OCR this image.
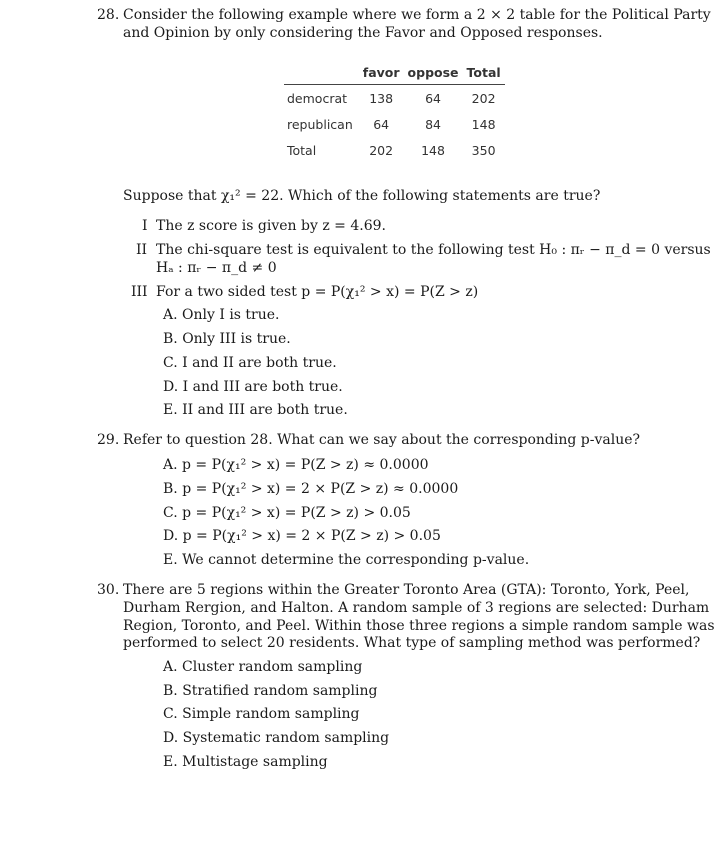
28. Consider the following example where we form a 2 × 2 table for the Political Party
and Opinion by only considering the Favor and Opposed responses.
	favor	oppose	Total
democrat	138	64	202
republican	64	84	148
Total	202	148	350
Suppose that χ₁² = 22. Which of the following statements are true?
I The z score is given by z = 4.69.
II The chi-square test is equivalent to the following test H₀ : πᵣ − π_d = 0 versus
Hₐ : πᵣ − π_d ≠ 0
III For a two sided test p = P(χ₁² > x) = P(Z > z)
A. Only I is true.
B. Only III is true.
C. I and II are both true.
D. I and III are both true.
E. II and III are both true.
29. Refer to question 28. What can we say about the corresponding p-value?
A. p = P(χ₁² > x) = P(Z > z) ≈ 0.0000
B. p = P(χ₁² > x) = 2 × P(Z > z) ≈ 0.0000
C. p = P(χ₁² > x) = P(Z > z) > 0.05
D. p = P(χ₁² > x) = 2 × P(Z > z) > 0.05
E. We cannot determine the corresponding p-value.
30. There are 5 regions within the Greater Toronto Area (GTA): Toronto, York, Peel,
Durham Rergion, and Halton. A random sample of 3 regions are selected: Durham
Region, Toronto, and Peel. Within those three regions a simple random sample was
performed to select 20 residents. What type of sampling method was performed?
A. Cluster random sampling
B. Stratified random sampling
C. Simple random sampling
D. Systematic random sampling
E. Multistage sampling
